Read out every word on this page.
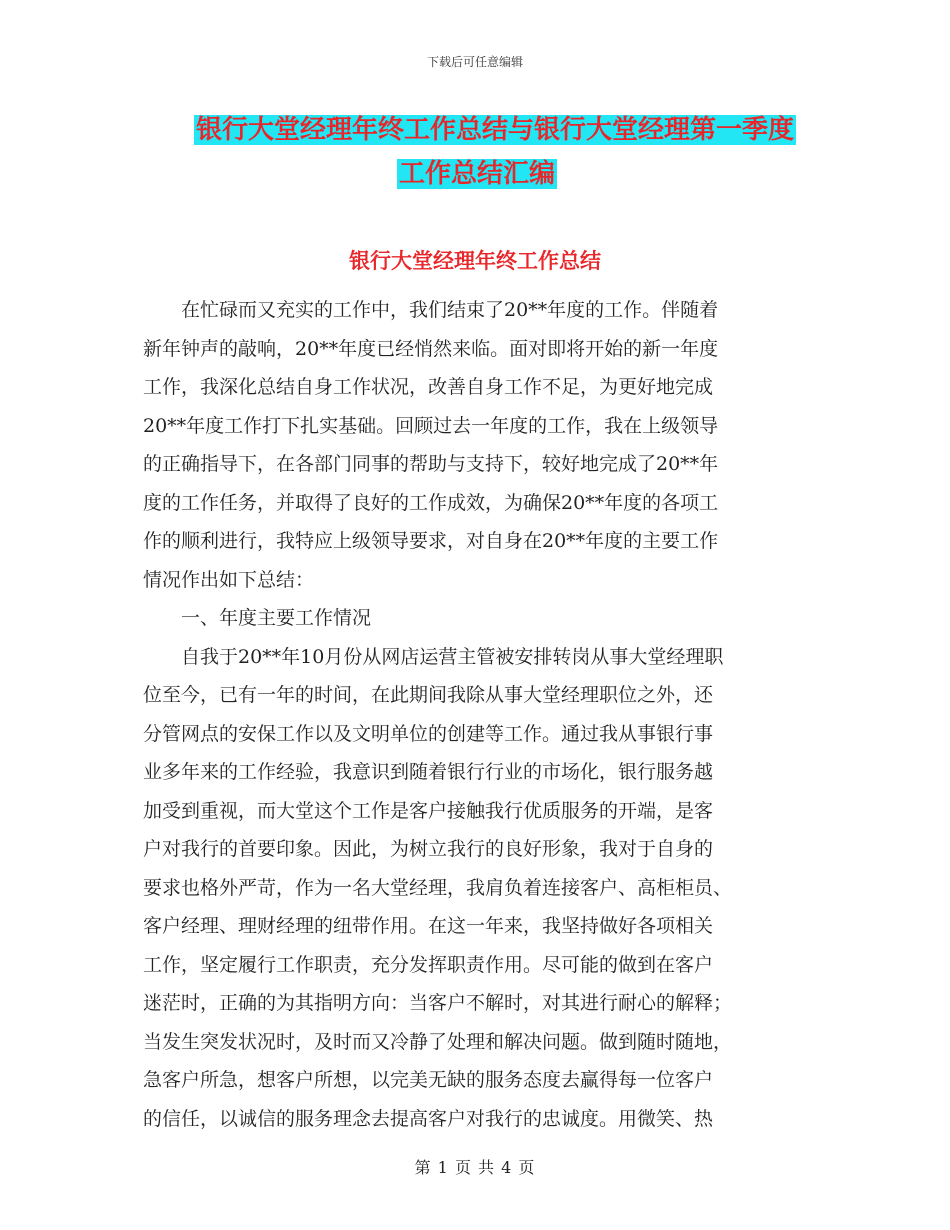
下载后可任意编辑
银行大堂经理年终工作总结与银行大堂经理第一季度
工作总结汇编
银行大堂经理年终工作总结
　　在忙碌而又充实的工作中，我们结束了20**年度的工作。伴随着
新年钟声的敲响，20**年度已经悄然来临。面对即将开始的新一年度
工作，我深化总结自身工作状况，改善自身工作不足，为更好地完成
20**年度工作打下扎实基础。回顾过去一年度的工作，我在上级领导
的正确指导下，在各部门同事的帮助与支持下，较好地完成了20**年
度的工作任务，并取得了良好的工作成效，为确保20**年度的各项工
作的顺利进行，我特应上级领导要求，对自身在20**年度的主要工作
情况作出如下总结：
　　一、年度主要工作情况
　　自我于20**年10月份从网店运营主管被安排转岗从事大堂经理职
位至今，已有一年的时间，在此期间我除从事大堂经理职位之外，还
分管网点的安保工作以及文明单位的创建等工作。通过我从事银行事
业多年来的工作经验，我意识到随着银行行业的市场化，银行服务越
加受到重视，而大堂这个工作是客户接触我行优质服务的开端，是客
户对我行的首要印象。因此，为树立我行的良好形象，我对于自身的
要求也格外严苛，作为一名大堂经理，我肩负着连接客户、高柜柜员、
客户经理、理财经理的纽带作用。在这一年来，我坚持做好各项相关
工作，坚定履行工作职责，充分发挥职责作用。尽可能的做到在客户
迷茫时，正确的为其指明方向：当客户不解时，对其进行耐心的解释；
当发生突发状况时，及时而又冷静了处理和解决问题。做到随时随地，
急客户所急，想客户所想，以完美无缺的服务态度去赢得每一位客户
的信任，以诚信的服务理念去提高客户对我行的忠诚度。用微笑、热
第 1 页 共 4 页
